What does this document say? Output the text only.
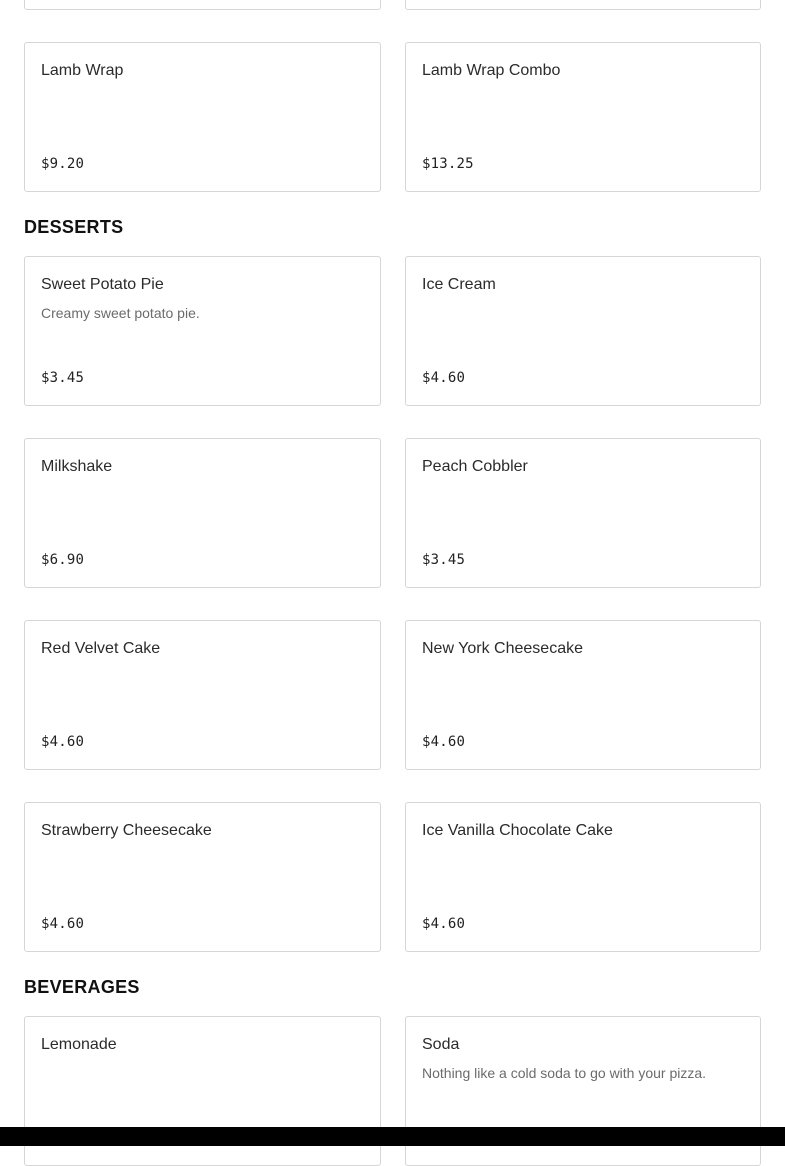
Lamb Wrap
$9.20
Lamb Wrap Combo
$13.25
DESSERTS
Sweet Potato Pie
Creamy sweet potato pie.
$3.45
Ice Cream
$4.60
Milkshake
$6.90
Peach Cobbler
$3.45
Red Velvet Cake
$4.60
New York Cheesecake
$4.60
Strawberry Cheesecake
$4.60
Ice Vanilla Chocolate Cake
$4.60
BEVERAGES
Lemonade	Soda
Nothing like a cold soda to go with your pizza.
